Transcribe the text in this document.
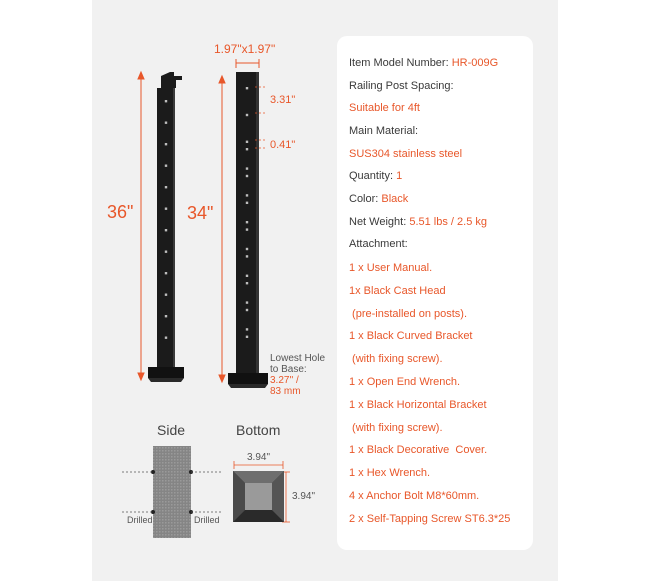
1.97"x1.97"
3.31"
0.41"
36"	34"
Lowest Hole
to Base:
3.27'' /
83 mm
Side	Bottom
Drilled	Drilled
3.94"
3.94"
Item Model Number: HR-009G
Railing Post Spacing:
Suitable for 4ft
Main Material:
SUS304 stainless steel
Quantity: 1
Color: Black
Net Weight: 5.51 lbs / 2.5 kg
Attachment:
1 x User Manual.
1x Black Cast Head
(pre-installed on posts).
1 x Black Curved Bracket
(with fixing screw).
1 x Open End Wrench.
1 x Black Horizontal Bracket
(with fixing screw).
1 x Black Decorative  Cover.
1 x Hex Wrench.
4 x Anchor Bolt M8*60mm.
2 x Self-Tapping Screw ST6.3*25
